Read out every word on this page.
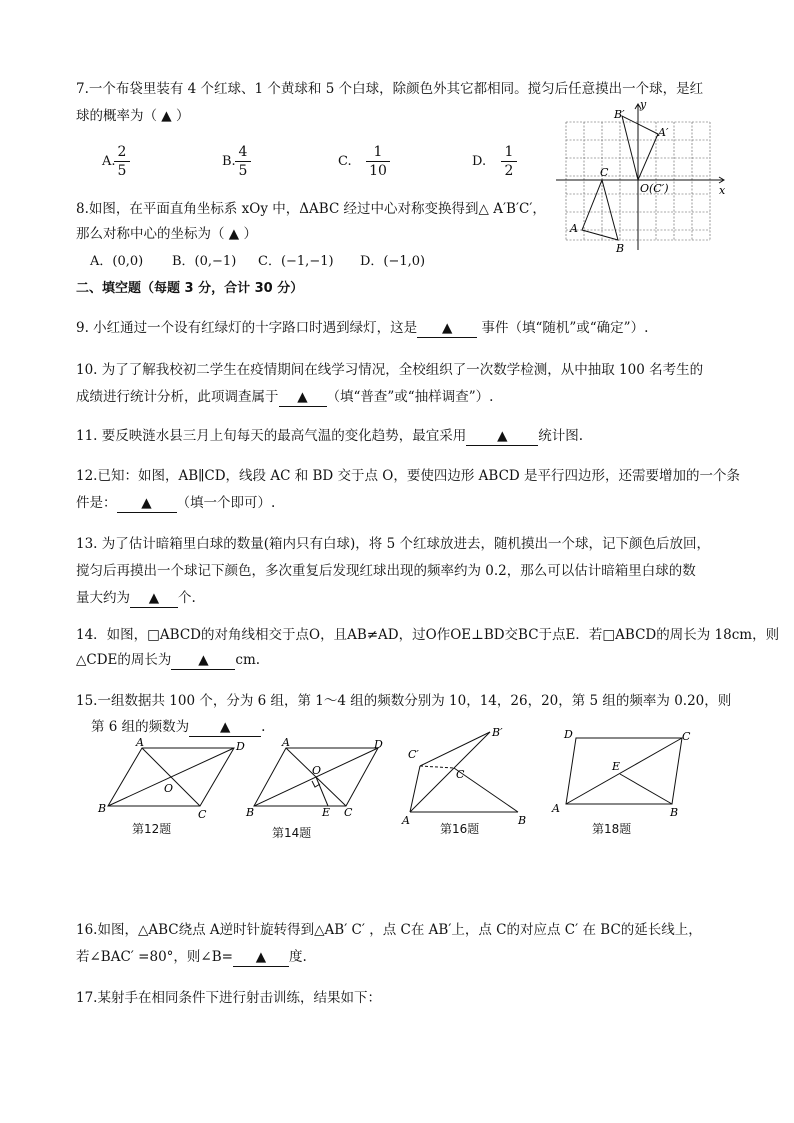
7.一个布袋里装有 4 个红球、1 个黄球和 5 个白球，除颜色外其它都相同。搅匀后任意摸出一个球，是红
球的概率为（ ▲ ）
A.
$\frac{2}{5}$	B. $\frac{4}{5}$	C. $\frac{1}{10}$	D. $\frac{1}{2}$
y
x
B′
A′
C
O(C′)
A
B
8.如图，在平面直角坐标系 xOy 中，ΔABC 经过中心对称变换得到△ A′B′C′，
那么对称中心的坐标为（ ▲ ）
A．(0,0) B．(0,−1) C．(−1,−1) D．(−1,0)
二、填空题（每题 3 分，合计 30 分）
9. 小红通过一个设有红绿灯的十字路口时遇到绿灯，这是 ▲ 事件（填“随机”或“确定”）.
10. 为了了解我校初二学生在疫情期间在线学习情况，全校组织了一次数学检测，从中抽取 100 名考生的
成绩进行统计分析，此项调查属于 ▲ （填“普查”或“抽样调查”）.
11. 要反映涟水县三月上旬每天的最高气温的变化趋势，最宜采用 ▲ 统计图.
12.已知：如图，AB∥CD，线段 AC 和 BD 交于点 O，要使四边形 ABCD 是平行四边形，还需要增加的一个条
件是： ▲ （填一个即可）.
13. 为了估计暗箱里白球的数量(箱内只有白球)，将 5 个红球放进去，随机摸出一个球，记下颜色后放回，
搅匀后再摸出一个球记下颜色，多次重复后发现红球出现的频率约为 0.2，那么可以估计暗箱里白球的数
量大约为 ▲ 个.
14．如图，□ABCD的对角线相交于点O，且AB≠AD，过O作OE⊥BD交BC于点E．若□ABCD的周长为 18cm，则
△CDE的周长为 ▲ cm.
15.一组数据共 100 个，分为 6 组，第 1～4 组的频数分别为 10，14，26，20，第 5 组的频率为 0.20，则
第 6 组的频数为 ▲ .
A	D
B	C
O
第12题
A	D
B	C
O
E
第14题
C′
B′
C
A	B
第16题
D	C
E
A	B
第18题
16.如图，△ABC绕点 A逆时针旋转得到△AB′ C′ ，点 C在 AB′上，点 C的对应点 C′ 在 BC的延长线上，
若∠BAC′ =80°，则∠B= ▲ 度.
17.某射手在相同条件下进行射击训练，结果如下：
